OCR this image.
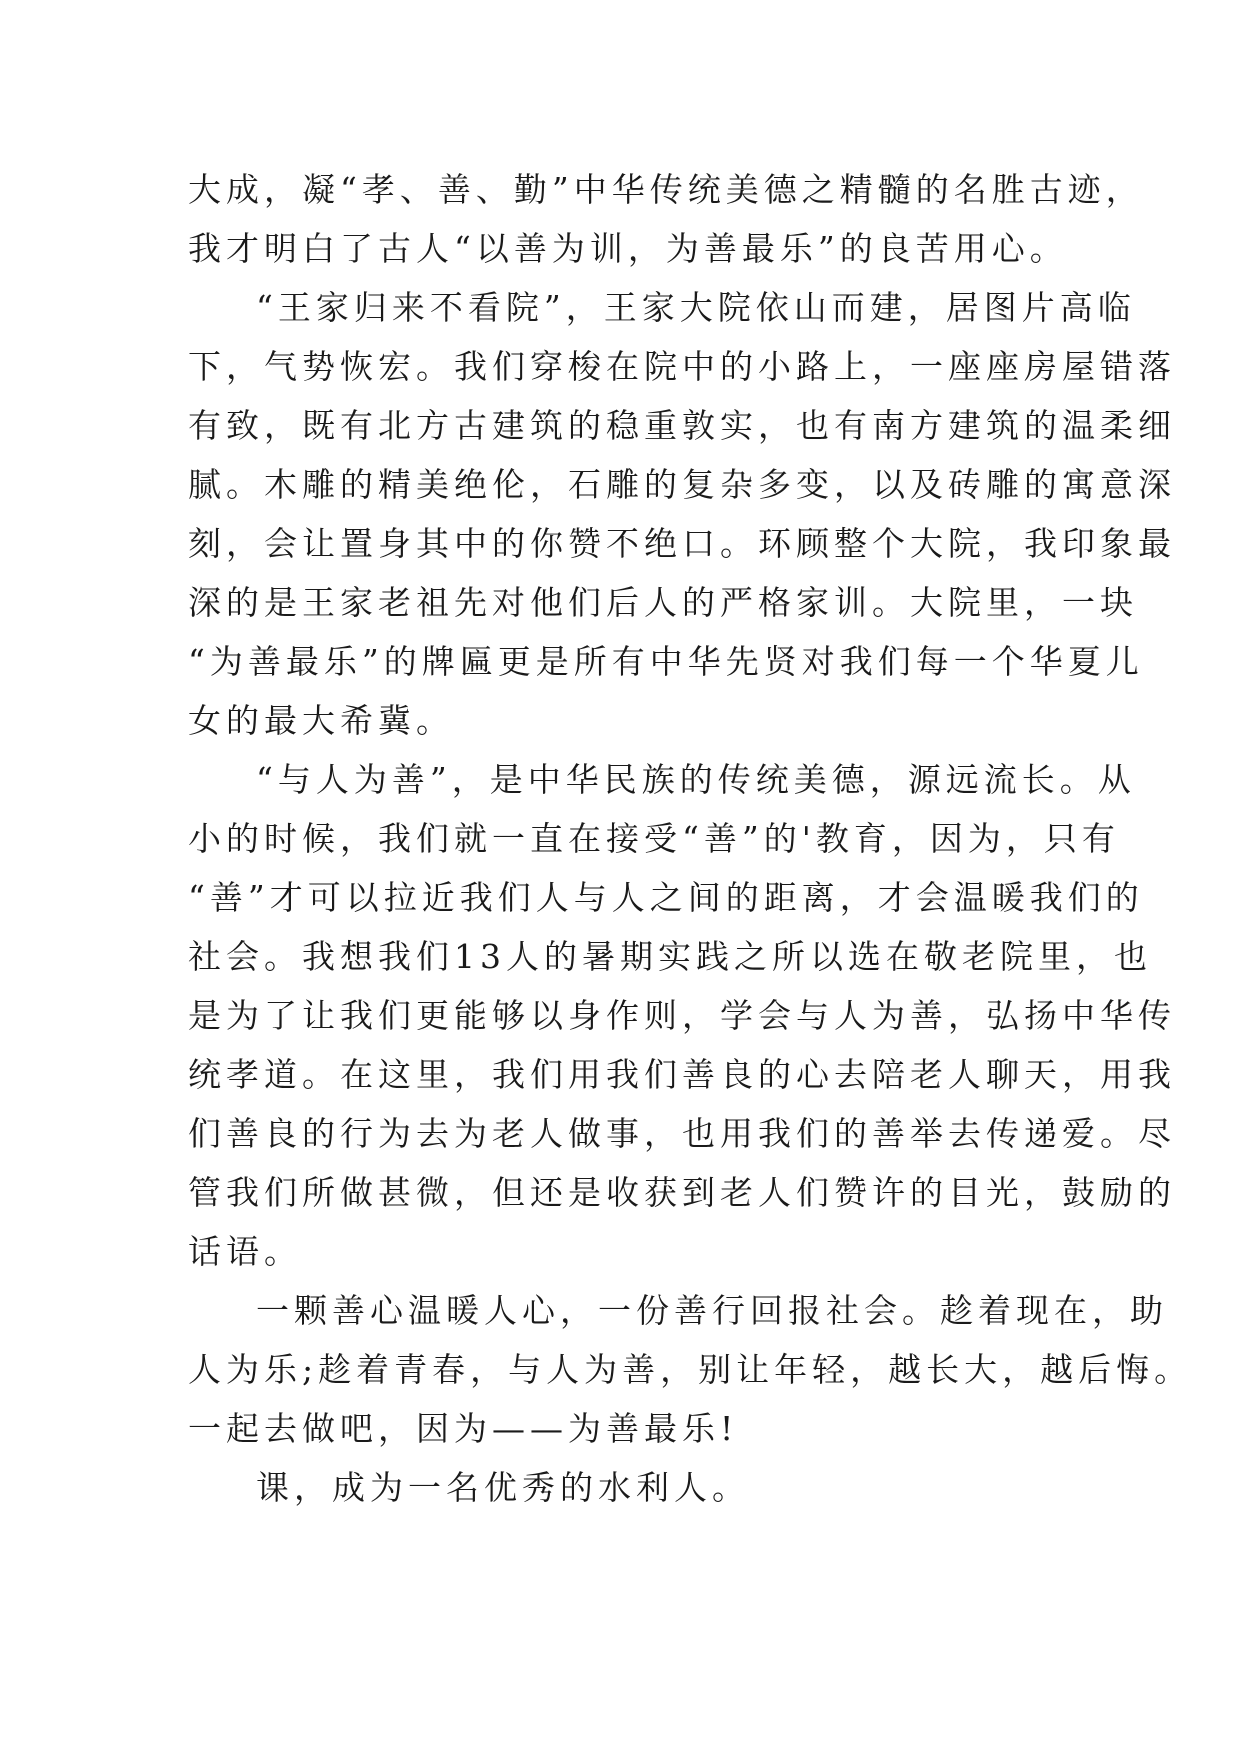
大成，凝“孝、善、勤”中华传统美德之精髓的名胜古迹，
我才明白了古人“以善为训，为善最乐”的良苦用心。
“王家归来不看院”，王家大院依山而建，居图片高临
下，气势恢宏。我们穿梭在院中的小路上，一座座房屋错落
有致，既有北方古建筑的稳重敦实，也有南方建筑的温柔细
腻。木雕的精美绝伦，石雕的复杂多变，以及砖雕的寓意深
刻，会让置身其中的你赞不绝口。环顾整个大院，我印象最
深的是王家老祖先对他们后人的严格家训。大院里，一块
“为善最乐”的牌匾更是所有中华先贤对我们每一个华夏儿
女的最大希冀。
“与人为善”，是中华民族的传统美德，源远流长。从
小的时候，我们就一直在接受“善”的'教育，因为，只有
“善”才可以拉近我们人与人之间的距离，才会温暖我们的
社会。我想我们13人的暑期实践之所以选在敬老院里，也
是为了让我们更能够以身作则，学会与人为善，弘扬中华传
统孝道。在这里，我们用我们善良的心去陪老人聊天，用我
们善良的行为去为老人做事，也用我们的善举去传递爱。尽
管我们所做甚微，但还是收获到老人们赞许的目光，鼓励的
话语。
一颗善心温暖人心，一份善行回报社会。趁着现在，助
人为乐;趁着青春，与人为善，别让年轻，越长大，越后悔。
一起去做吧，因为——为善最乐!
课，成为一名优秀的水利人。
